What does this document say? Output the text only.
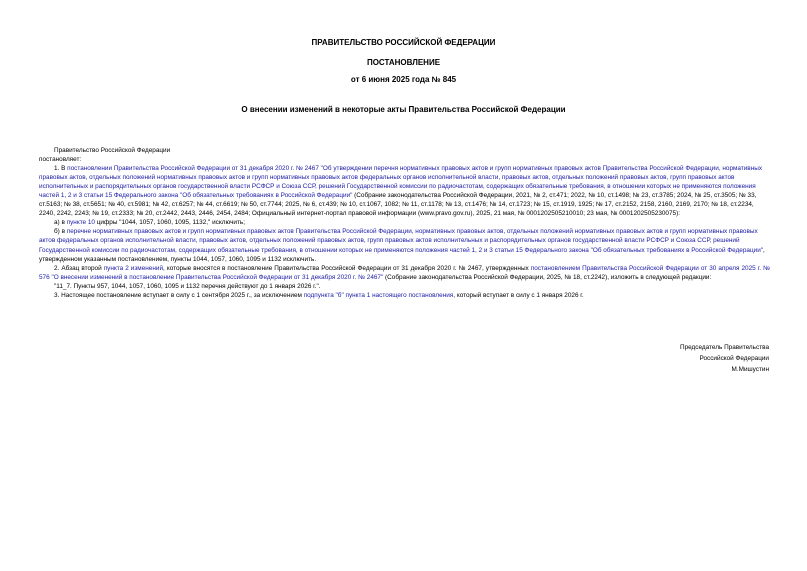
ПРАВИТЕЛЬСТВО РОССИЙСКОЙ ФЕДЕРАЦИИ
ПОСТАНОВЛЕНИЕ
от 6 июня 2025 года № 845
О внесении изменений в некоторые акты Правительства Российской Федерации

Правительство Российской Федерации

постановляет:

1. В постановлении Правительства Российской Федерации от 31 декабря 2020 г. № 2467 "Об утверждении перечня нормативных правовых актов и групп нормативных правовых актов Правительства Российской Федерации, нормативных правовых актов, отдельных положений нормативных правовых актов и групп нормативных правовых актов федеральных органов исполнительной власти, правовых актов, отдельных положений правовых актов, групп правовых актов исполнительных и распорядительных органов государственной власти РСФСР и Союза ССР, решений Государственной комиссии по радиочастотам, содержащих обязательные требования, в отношении которых не применяются положения частей 1, 2 и 3 статьи 15 Федерального закона "Об обязательных требованиях в Российской Федерации" (Собрание законодательства Российской Федерации, 2021, № 2, ст.471; 2022, № 10, ст.1498; № 23, ст.3785; 2024, № 25, ст.3505; № 33, ст.5163; № 38, ст.5651; № 40, ст.5981; № 42, ст.6257; № 44, ст.6619; № 50, ст.7744; 2025, № 6, ст.439; № 10, ст.1067, 1082; № 11, ст.1178; № 13, ст.1476; № 14, ст.1723; № 15, ст.1919, 1925; № 17, ст.2152, 2158, 2160, 2169, 2170; № 18, ст.2234, 2240, 2242, 2243; № 19, ст.2333; № 20, ст.2442, 2443, 2446, 2454, 2484; Официальный интернет-портал правовой информации (www.pravo.gov.ru), 2025, 21 мая, № 0001202505210010; 23 мая, № 0001202505230075):

а) в пункте 10 цифры "1044, 1057, 1060, 1095, 1132," исключить;

б) в перечне нормативных правовых актов и групп нормативных правовых актов Правительства Российской Федерации, нормативных правовых актов, отдельных положений нормативных правовых актов и групп нормативных правовых актов федеральных органов исполнительной власти, правовых актов, отдельных положений правовых актов, групп правовых актов исполнительных и распорядительных органов государственной власти РСФСР и Союза ССР, решений Государственной комиссии по радиочастотам, содержащих обязательные требования, в отношении которых не применяются положения частей 1, 2 и 3 статьи 15 Федерального закона "Об обязательных требованиях в Российской Федерации", утвержденном указанным постановлением, пункты 1044, 1057, 1060, 1095 и 1132 исключить.

2. Абзац второй пункта 2 изменений, которые вносятся в постановление Правительства Российской Федерации от 31 декабря 2020 г. № 2467, утвержденных постановлением Правительства Российской Федерации от 30 апреля 2025 г. № 576 "О внесении изменений в постановление Правительства Российской Федерации от 31 декабря 2020 г. № 2467" (Собрание законодательства Российской Федерации, 2025, № 18, ст.2242), изложить в следующей редакции:

"11_7. Пункты 957, 1044, 1057, 1060, 1095 и 1132 перечня действуют до 1 января 2026 г.".

3. Настоящее постановление вступает в силу с 1 сентября 2025 г., за исключением подпункта "б" пункта 1 настоящего постановления, который вступает в силу с 1 января 2026 г.

Председатель Правительства
Российской Федерации
М.Мишустин
